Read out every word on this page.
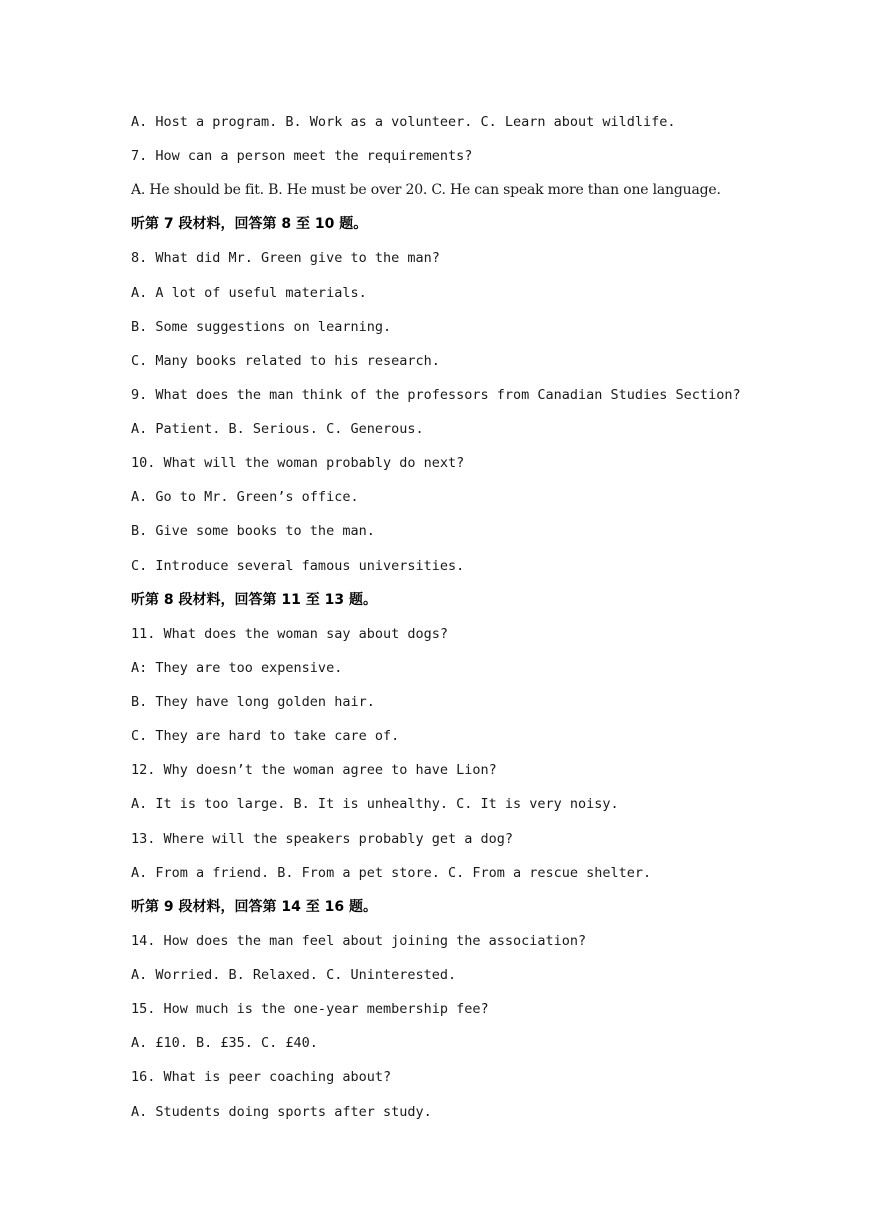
A. Host a program. B. Work as a volunteer. C. Learn about wildlife.
7. How can a person meet the requirements?
A. He should be fit. B. He must be over 20. C. He can speak more than one language.
听第 7 段材料，回答第 8 至 10 题。
8. What did Mr. Green give to the man?
A. A lot of useful materials.
B. Some suggestions on learning.
C. Many books related to his research.
9. What does the man think of the professors from Canadian Studies Section?
A. Patient. B. Serious. C. Generous.
10. What will the woman probably do next?
A. Go to Mr. Green’s office.
B. Give some books to the man.
C. Introduce several famous universities.
听第 8 段材料，回答第 11 至 13 题。
11. What does the woman say about dogs?
A: They are too expensive.
B. They have long golden hair.
C. They are hard to take care of.
12. Why doesn’t the woman agree to have Lion?
A. It is too large. B. It is unhealthy. C. It is very noisy.
13. Where will the speakers probably get a dog?
A. From a friend. B. From a pet store. C. From a rescue shelter.
听第 9 段材料，回答第 14 至 16 题。
14. How does the man feel about joining the association?
A. Worried. B. Relaxed. C. Uninterested.
15. How much is the one-year membership fee?
A. £10. B. £35. C. £40.
16. What is peer coaching about?
A. Students doing sports after study.
